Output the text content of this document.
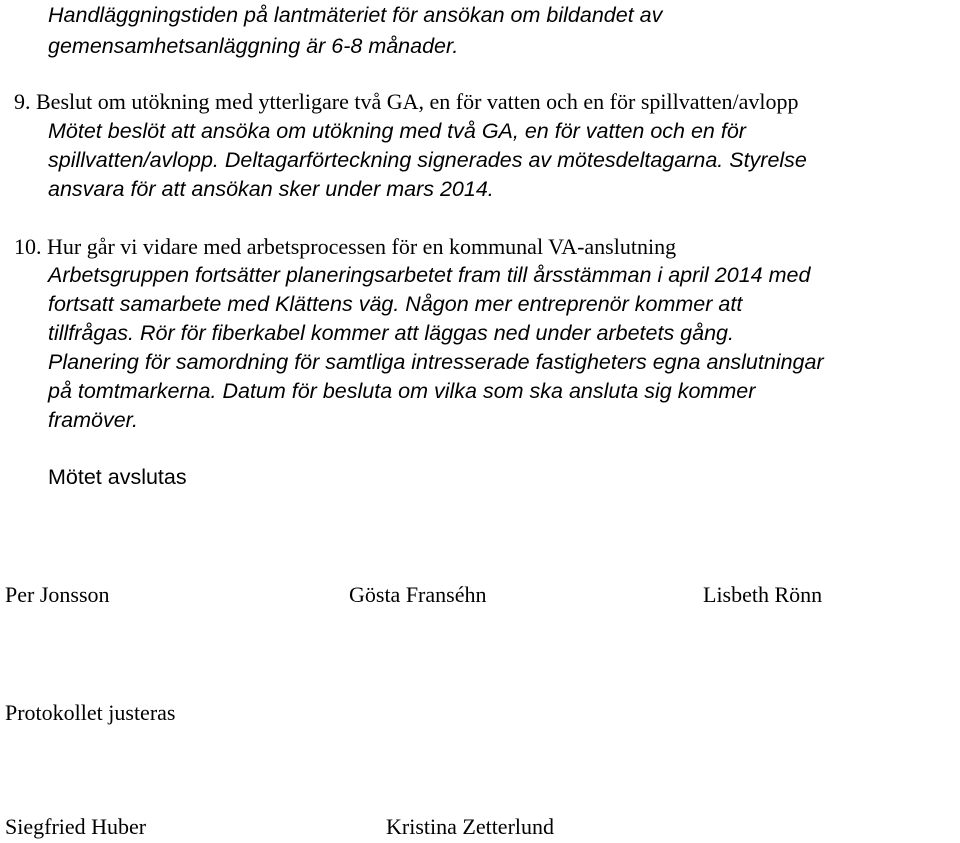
Handläggningstiden på lantmäteriet för ansökan om bildandet av
gemensamhetsanläggning är 6-8 månader.
9. Beslut om utökning med ytterligare två GA, en för vatten och en för spillvatten/avlopp
Mötet beslöt att ansöka om utökning med två GA, en för vatten och en för
spillvatten/avlopp. Deltagarförteckning signerades av mötesdeltagarna. Styrelse
ansvara för att ansökan sker under mars 2014.
10. Hur går vi vidare med arbetsprocessen för en kommunal VA-anslutning
Arbetsgruppen fortsätter planeringsarbetet fram till årsstämman i april 2014 med
fortsatt samarbete med Klättens väg. Någon mer entreprenör kommer att
tillfrågas. Rör för fiberkabel kommer att läggas ned under arbetets gång.
Planering för samordning för samtliga intresserade fastigheters egna anslutningar
på tomtmarkerna. Datum för besluta om vilka som ska ansluta sig kommer
framöver.
Mötet avslutas
Per Jonsson	Gösta Franséhn	Lisbeth Rönn
Protokollet justeras
Siegfried Huber	Kristina Zetterlund
